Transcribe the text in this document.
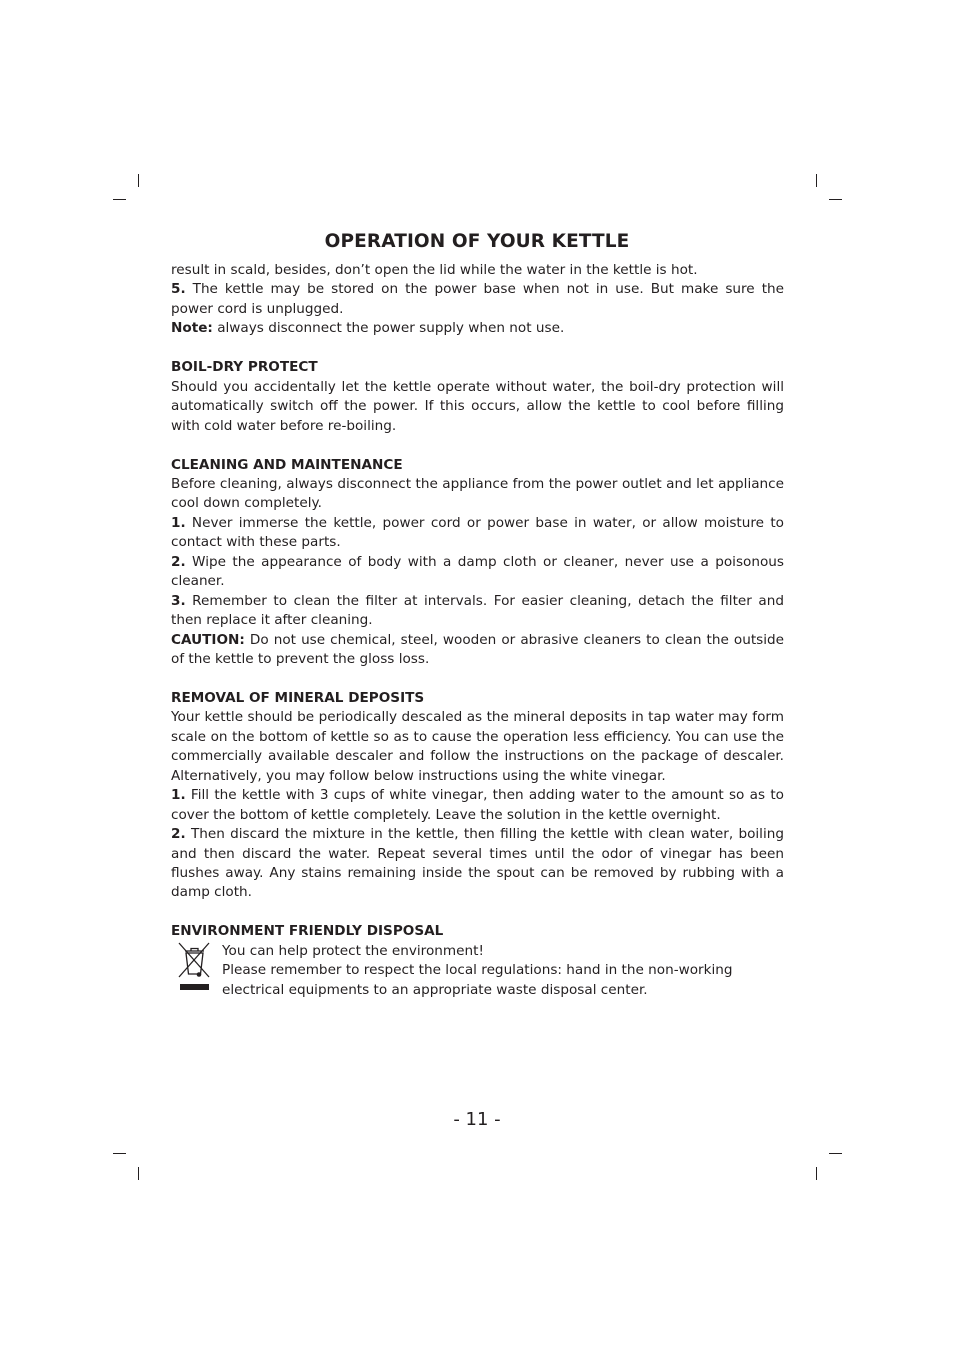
OPERATION OF YOUR KETTLE

result in scald, besides, don’t open the lid while the water in the kettle is hot.

5. The kettle may be stored on the power base when not in use. But make sure the power cord is unplugged.

Note: always disconnect the power supply when not use.

BOIL-DRY PROTECT

Should you accidentally let the kettle operate without water, the boil-dry protection will automatically switch off the power. If this occurs, allow the kettle to cool before filling with cold water before re-boiling.

CLEANING AND MAINTENANCE

Before cleaning, always disconnect the appliance from the power outlet and let appliance cool down completely.

1. Never immerse the kettle, power cord or power base in water, or allow moisture to contact with these parts.

2. Wipe the appearance of body with a damp cloth or cleaner, never use a poisonous cleaner.

3. Remember to clean the filter at intervals. For easier cleaning, detach the filter and then replace it after cleaning.

CAUTION: Do not use chemical, steel, wooden or abrasive cleaners to clean the outside of the kettle to prevent the gloss loss.

REMOVAL OF MINERAL DEPOSITS

Your kettle should be periodically descaled as the mineral deposits in tap water may form scale on the bottom of kettle so as to cause the operation less efficiency. You can use the commercially available descaler and follow the instructions on the package of descaler. Alternatively, you may follow below instructions using the white vinegar.

1. Fill the kettle with 3 cups of white vinegar, then adding water to the amount so as to cover the bottom of kettle completely. Leave the solution in the kettle overnight.

2. Then discard the mixture in the kettle, then filling the kettle with clean water, boiling and then discard the water. Repeat several times until the odor of vinegar has been flushes away. Any stains remaining inside the spout can be removed by rubbing with a damp cloth.

ENVIRONMENT FRIENDLY DISPOSAL

You can help protect the environment!

Please remember to respect the local regulations: hand in the non-working electrical equipments to an appropriate waste disposal center.

- 11 -
